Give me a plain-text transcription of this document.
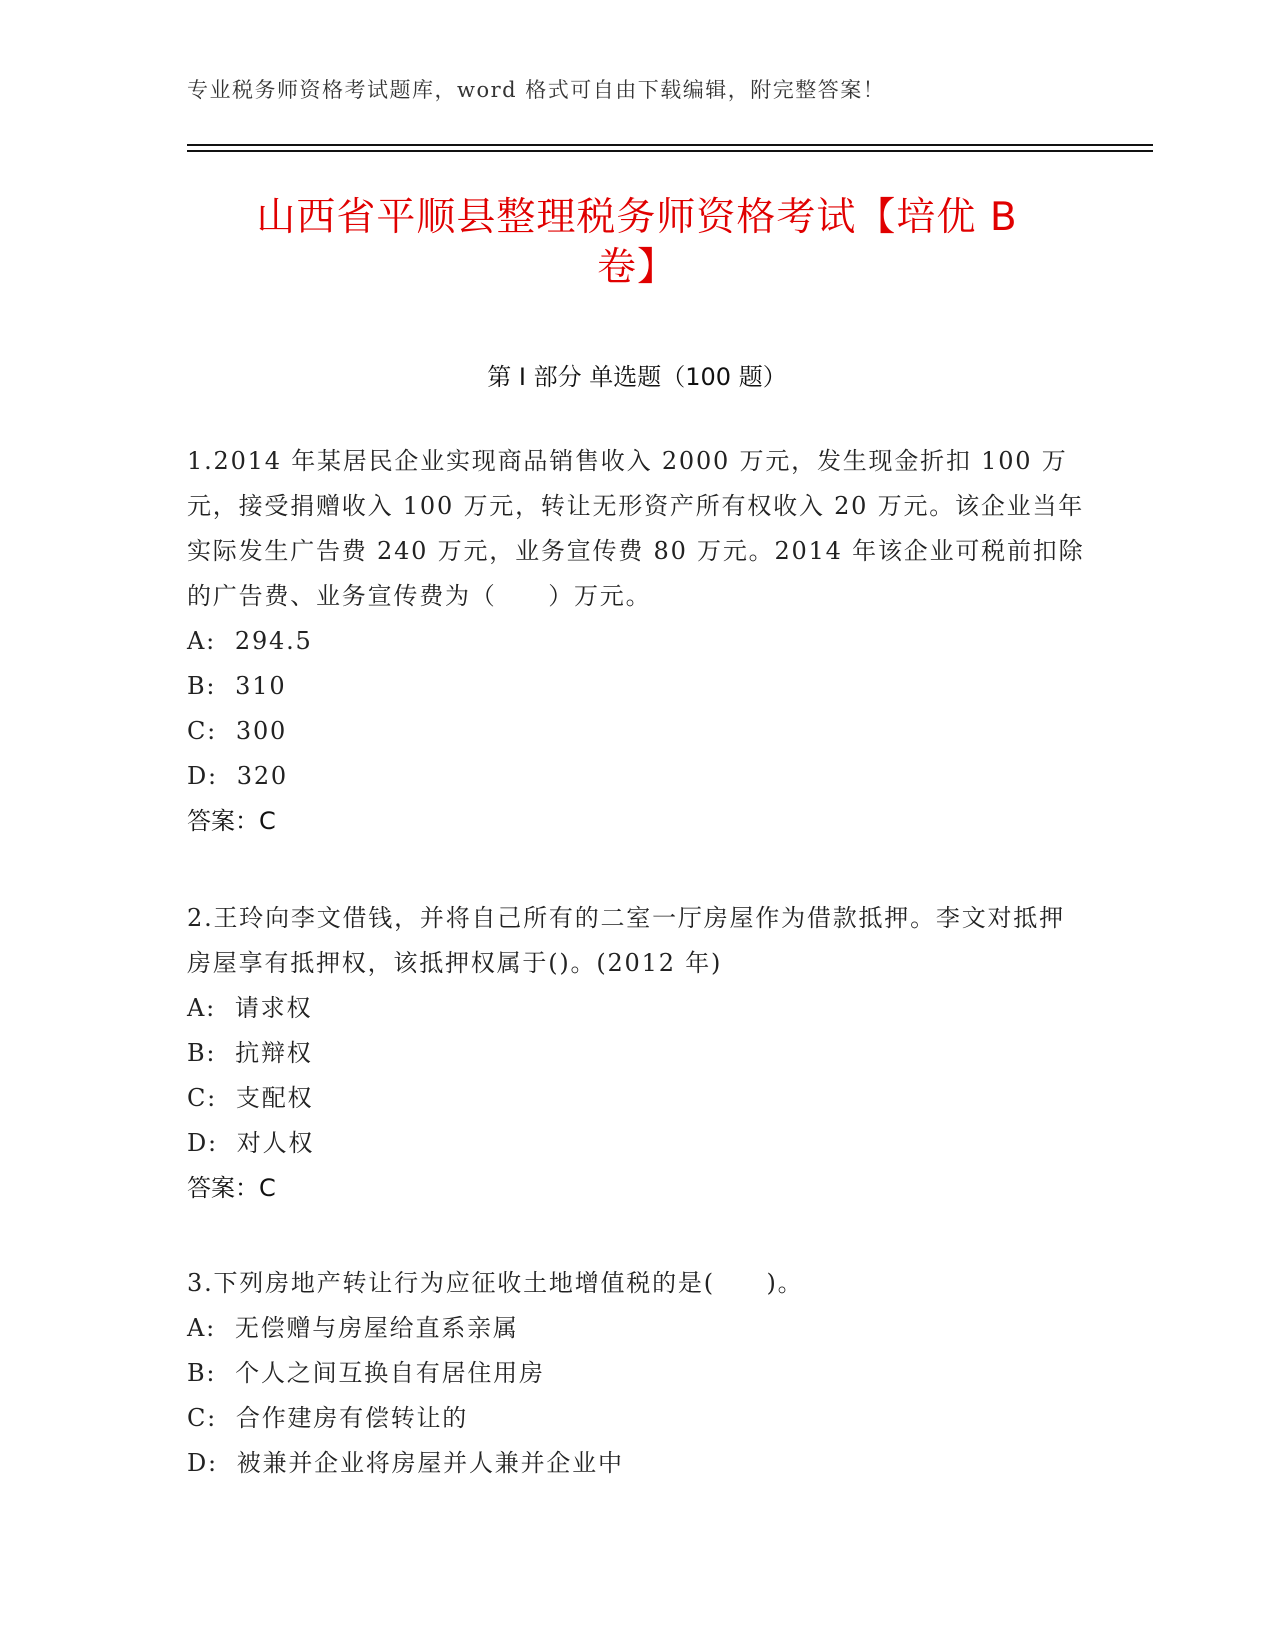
专业税务师资格考试题库，word 格式可自由下载编辑，附完整答案！
山西省平顺县整理税务师资格考试【培优 B
卷】
第 I 部分 单选题（100 题）

1.2014 年某居民企业实现商品销售收入 2000 万元，发生现金折扣 100 万元，接受捐赠收入 100 万元，转让无形资产所有权收入 20 万元。该企业当年实际发生广告费 240 万元，业务宣传费 80 万元。2014 年该企业可税前扣除的广告费、业务宣传费为（　　）万元。

A:  294.5

B:  310

C:  300

D:  320

答案：C

2.王玲向李文借钱，并将自己所有的二室一厅房屋作为借款抵押。李文对抵押房屋享有抵押权，该抵押权属于()。(2012 年)

A:  请求权

B:  抗辩权

C:  支配权

D:  对人权

答案：C

3.下列房地产转让行为应征收土地增值税的是(　　)。

A:  无偿赠与房屋给直系亲属

B:  个人之间互换自有居住用房

C:  合作建房有偿转让的

D:  被兼并企业将房屋并人兼并企业中
